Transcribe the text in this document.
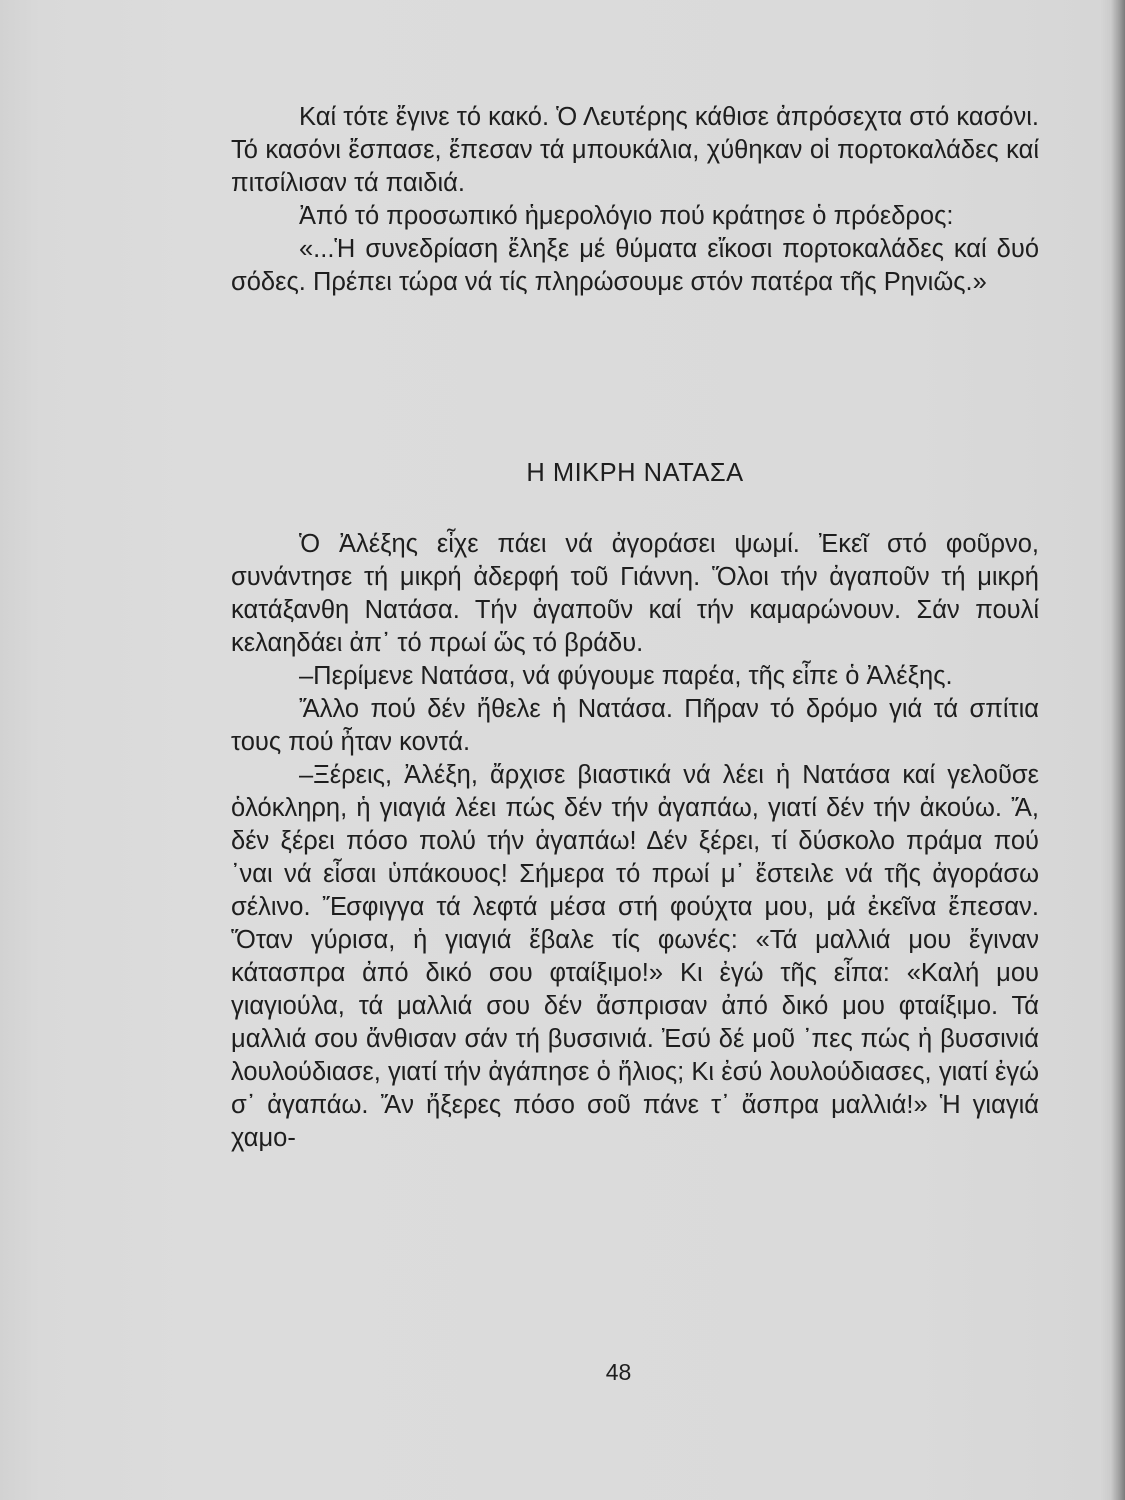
Καί τότε ἔγινε τό κακό. Ὁ Λευτέρης κάθισε ἀπρόσεχτα στό κασόνι. Τό κασόνι ἔσπασε, ἔπεσαν τά μπουκάλια, χύθηκαν οἱ πορτοκαλάδες καί πιτσίλισαν τά παιδιά.

Ἀπό τό προσωπικό ἡμερολόγιο πού κράτησε ὁ πρόεδρος:

«...Ἡ συνεδρίαση ἔληξε μέ θύματα εἴκοσι πορτοκαλάδες καί δυό σόδες. Πρέπει τώρα νά τίς πληρώσουμε στόν πατέρα τῆς Ρηνιῶς.»

Η ΜΙΚΡΗ ΝΑΤΑΣΑ

Ὁ Ἀλέξης εἶχε πάει νά ἀγοράσει ψωμί. Ἐκεῖ στό φοῦρνο, συνάντησε τή μικρή ἀδερφή τοῦ Γιάννη. Ὅλοι τήν ἀγαποῦν τή μικρή κατάξανθη Νατάσα. Τήν ἀγαποῦν καί τήν καμαρώνουν. Σάν πουλί κελαηδάει ἀπ᾿ τό πρωί ὥς τό βράδυ.

–Περίμενε Νατάσα, νά φύγουμε παρέα, τῆς εἶπε ὁ Ἀλέξης.

Ἄλλο πού δέν ἤθελε ἡ Νατάσα. Πῆραν τό δρόμο γιά τά σπίτια τους πού ἦταν κοντά.

–Ξέρεις, Ἀλέξη, ἄρχισε βιαστικά νά λέει ἡ Νατάσα καί γελοῦσε ὁλόκληρη, ἡ γιαγιά λέει πώς δέν τήν ἀγαπάω, γιατί δέν τήν ἀκούω. Ἄ, δέν ξέρει πόσο πολύ τήν ἀγαπάω! Δέν ξέρει, τί δύσκολο πράμα πού ᾿ναι νά εἶσαι ὑπάκουος! Σήμερα τό πρωί μ᾿ ἔστειλε νά τῆς ἀγοράσω σέλινο. Ἔσφιγγα τά λεφτά μέσα στή φούχτα μου, μά ἐκεῖνα ἔπεσαν. Ὅταν γύρισα, ἡ γιαγιά ἔβαλε τίς φωνές: «Τά μαλλιά μου ἔγιναν κάτασπρα ἀπό δικό σου φταίξιμο!» Κι ἐγώ τῆς εἶπα: «Καλή μου γιαγιούλα, τά μαλλιά σου δέν ἄσπρισαν ἀπό δικό μου φταίξιμο. Τά μαλλιά σου ἄνθισαν σάν τή βυσσινιά. Ἐσύ δέ μοῦ ᾿πες πώς ἡ βυσσινιά λουλούδιασε, γιατί τήν ἀγάπησε ὁ ἥλιος; Κι ἐσύ λουλούδιασες, γιατί ἐγώ σ᾿ ἀγαπάω. Ἄν ἤξερες πόσο σοῦ πάνε τ᾿ ἄσπρα μαλλιά!» Ἡ γιαγιά χαμο-

48
